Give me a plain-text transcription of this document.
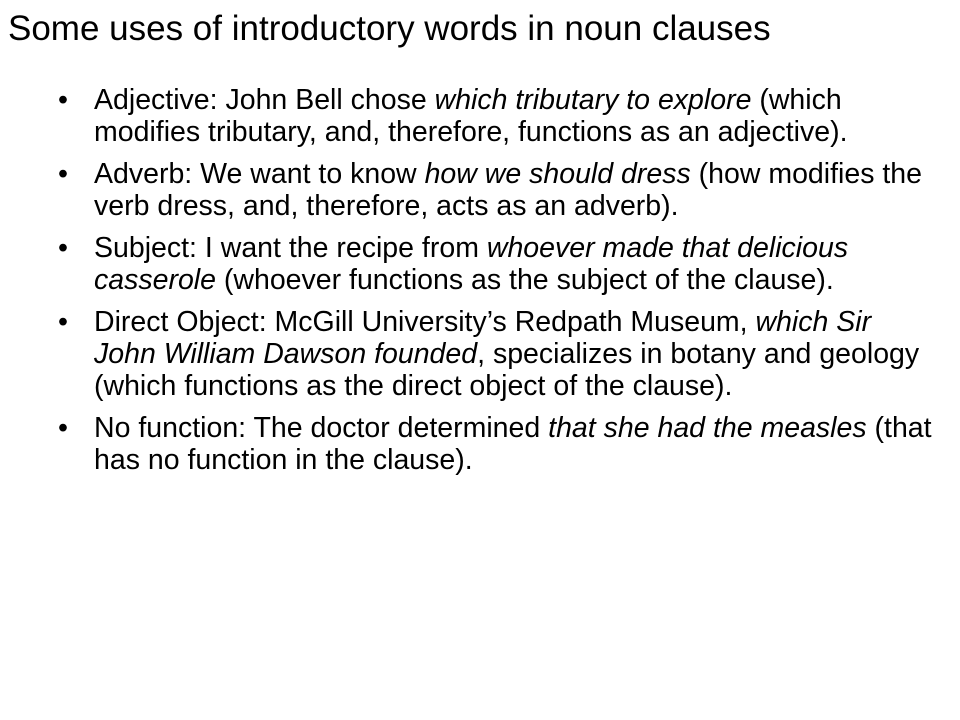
Some uses of introductory words in noun clauses
• Adjective: John Bell chose which tributary to explore (which modifies tributary, and, therefore, functions as an adjective).
• Adverb: We want to know how we should dress (how modifies the verb dress, and, therefore, acts as an adverb).
• Subject: I want the recipe from whoever made that delicious casserole (whoever functions as the subject of the clause).
• Direct Object: McGill University’s Redpath Museum, which Sir John William Dawson founded, specializes in botany and geology (which functions as the direct object of the clause).
• No function: The doctor determined that she had the measles (that has no function in the clause).
